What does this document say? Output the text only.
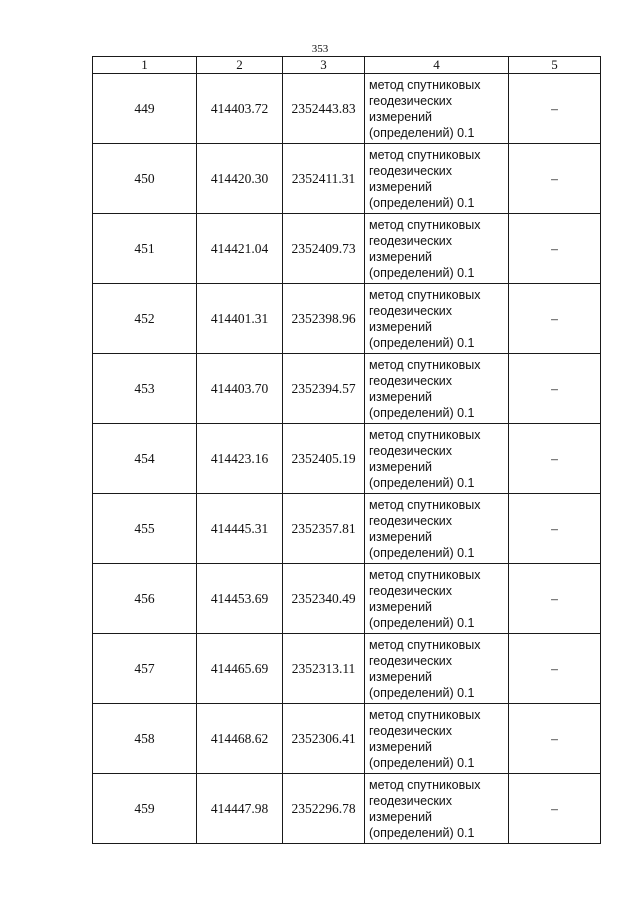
353
1	2	3	4	5
449	414403.72	2352443.83	метод спутниковых
геодезических
измерений
(определений) 0.1	–
450	414420.30	2352411.31	метод спутниковых
геодезических
измерений
(определений) 0.1	–
451	414421.04	2352409.73	метод спутниковых
геодезических
измерений
(определений) 0.1	–
452	414401.31	2352398.96	метод спутниковых
геодезических
измерений
(определений) 0.1	–
453	414403.70	2352394.57	метод спутниковых
геодезических
измерений
(определений) 0.1	–
454	414423.16	2352405.19	метод спутниковых
геодезических
измерений
(определений) 0.1	–
455	414445.31	2352357.81	метод спутниковых
геодезических
измерений
(определений) 0.1	–
456	414453.69	2352340.49	метод спутниковых
геодезических
измерений
(определений) 0.1	–
457	414465.69	2352313.11	метод спутниковых
геодезических
измерений
(определений) 0.1	–
458	414468.62	2352306.41	метод спутниковых
геодезических
измерений
(определений) 0.1	–
459	414447.98	2352296.78	метод спутниковых
геодезических
измерений
(определений) 0.1	–
